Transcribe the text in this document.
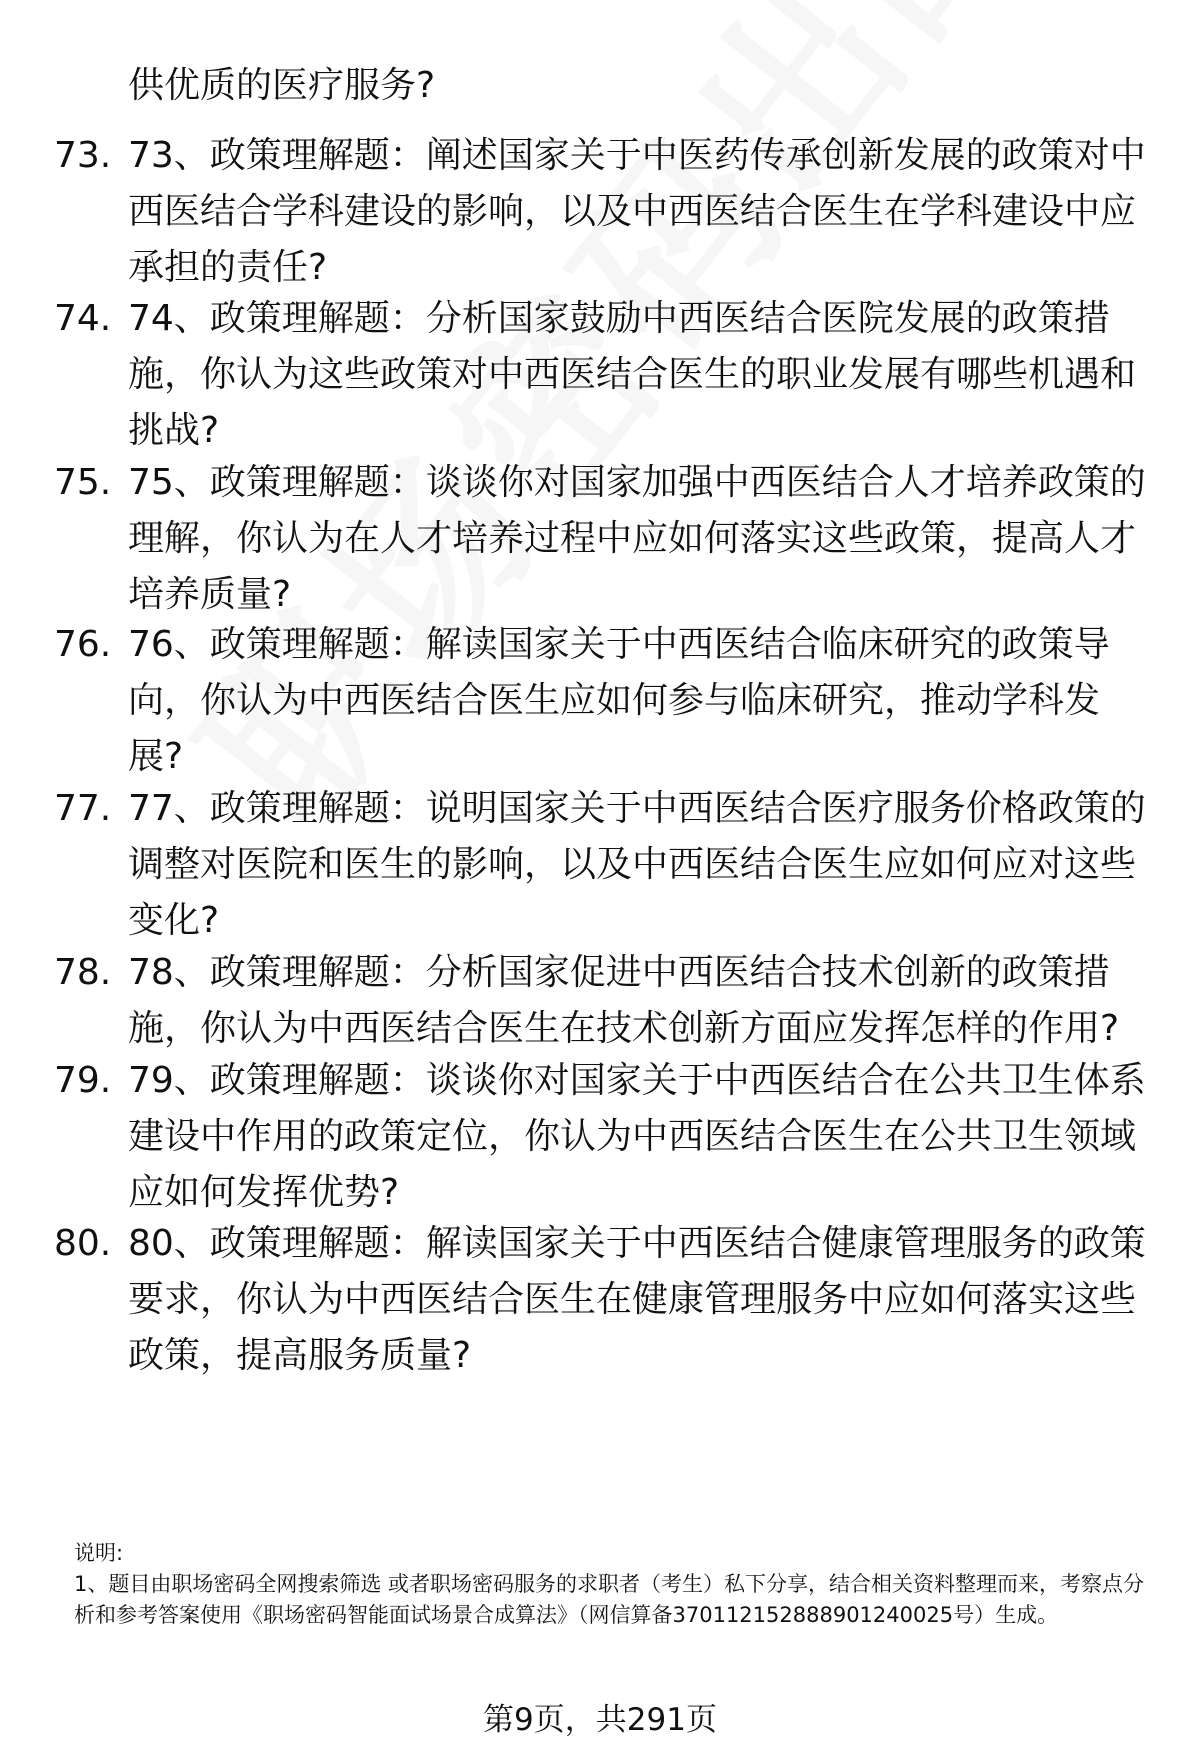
供优质的医疗服务?
73. 73、政策理解题：阐述国家关于中医药传承创新发展的政策对中西医结合学科建设的影响，以及中西医结合医生在学科建设中应承担的责任?
74. 74、政策理解题：分析国家鼓励中西医结合医院发展的政策措施，你认为这些政策对中西医结合医生的职业发展有哪些机遇和挑战?
75. 75、政策理解题：谈谈你对国家加强中西医结合人才培养政策的理解，你认为在人才培养过程中应如何落实这些政策，提高人才培养质量?
76. 76、政策理解题：解读国家关于中西医结合临床研究的政策导向，你认为中西医结合医生应如何参与临床研究，推动学科发展?
77. 77、政策理解题：说明国家关于中西医结合医疗服务价格政策的调整对医院和医生的影响，以及中西医结合医生应如何应对这些变化?
78. 78、政策理解题：分析国家促进中西医结合技术创新的政策措施，你认为中西医结合医生在技术创新方面应发挥怎样的作用?
79. 79、政策理解题：谈谈你对国家关于中西医结合在公共卫生体系建设中作用的政策定位，你认为中西医结合医生在公共卫生领域应如何发挥优势?
80. 80、政策理解题：解读国家关于中西医结合健康管理服务的政策要求，你认为中西医结合医生在健康管理服务中应如何落实这些政策，提高服务质量?

说明:

1、题目由职场密码全网搜索筛选 或者职场密码服务的求职者（考生）私下分享，结合相关资料整理而来，考察点分析和参考答案使用《职场密码智能面试场景合成算法》（网信算备370112152888901240025号）生成。

第9页，共291页
